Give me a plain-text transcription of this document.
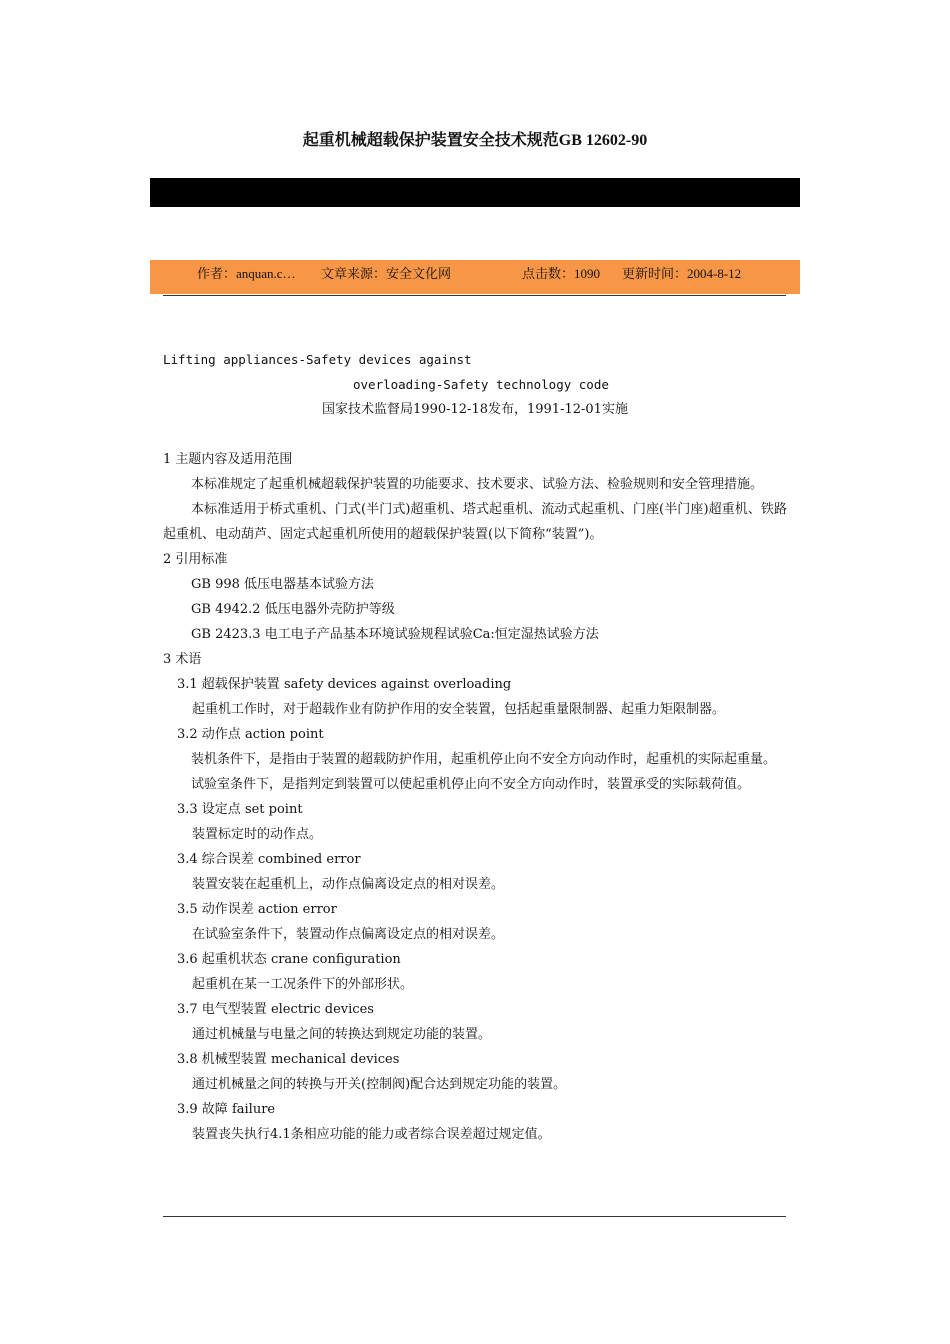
起重机械超载保护装置安全技术规范GB 12602-90
作者：anquan.c… 文章来源：安全文化网	点击数：1090 更新时间：2004-8-12

Lifting appliances-Safety devices against

overloading-Safety technology code

国家技术监督局1990-12-18发布，1991-12-01实施

1 主题内容及适用范围

本标准规定了起重机械超载保护装置的功能要求、技术要求、试验方法、检验规则和安全管理措施。

本标准适用于桥式重机、门式(半门式)超重机、塔式起重机、流动式起重机、门座(半门座)超重机、铁路起重机、电动葫芦、固定式起重机所使用的超载保护装置(以下简称“装置”)。

2 引用标准

GB 998 低压电器基本试验方法

GB 4942.2 低压电器外壳防护等级

GB 2423.3 电工电子产品基本环境试验规程试验Ca:恒定湿热试验方法

3 术语

3.1 超载保护装置 safety devices against overloading

起重机工作时，对于超载作业有防护作用的安全装置，包括起重量限制器、起重力矩限制器。

3.2 动作点 action point

装机条件下，是指由于装置的超载防护作用，起重机停止向不安全方向动作时，起重机的实际起重量。

试验室条件下，是指判定到装置可以使起重机停止向不安全方向动作时，装置承受的实际载荷值。

3.3 设定点 set point

装置标定时的动作点。

3.4 综合误差 combined error

装置安装在起重机上，动作点偏离设定点的相对误差。

3.5 动作误差 action error

在试验室条件下，装置动作点偏离设定点的相对误差。

3.6 起重机状态 crane configuration

起重机在某一工况条件下的外部形状。

3.7 电气型装置 electric devices

通过机械量与电量之间的转换达到规定功能的装置。

3.8 机械型装置 mechanical devices

通过机械量之间的转换与开关(控制阀)配合达到规定功能的装置。

3.9 故障 failure

装置丧失执行4.1条相应功能的能力或者综合误差超过规定值。
